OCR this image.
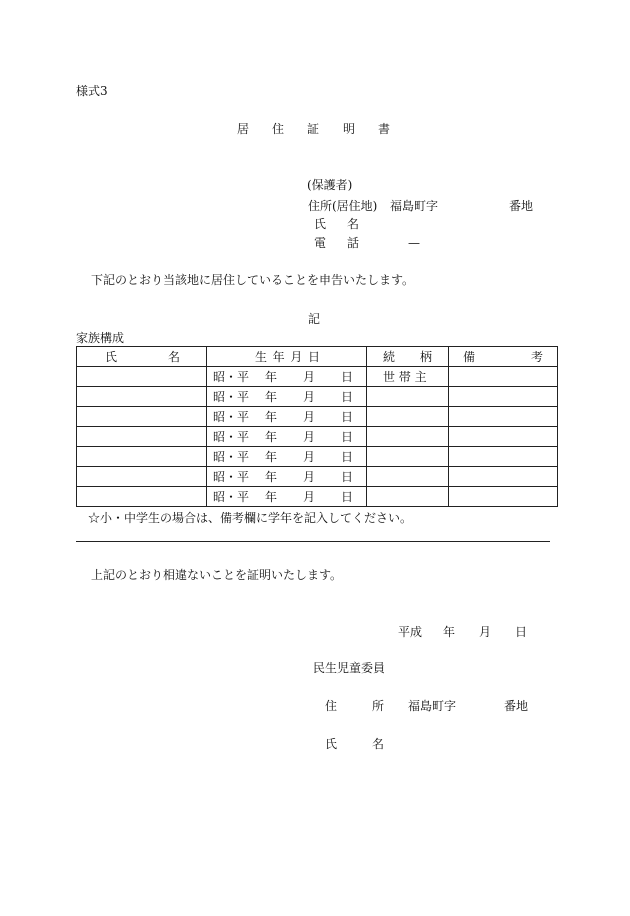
様式3
居 住 証 明 書
(保護者)
住所(居住地) 福島町字	番地
氏 名
電 話	—
下記のとおり当該地に居住していることを申告いたします。
記
家族構成
氏 名	生 年 月 日	続 柄	備 考

	昭・平 年 月 日	世 帯 主	

	昭・平 年 月 日		

	昭・平 年 月 日		

	昭・平 年 月 日		

	昭・平 年 月 日		

	昭・平 年 月 日		

	昭・平 年 月 日		

☆小・中学生の場合は、備考欄に学年を記入してください。
上記のとおり相違ないことを証明いたします。
平成 年 月 日
民生児童委員
住	所 福島町字	番地
氏	名
